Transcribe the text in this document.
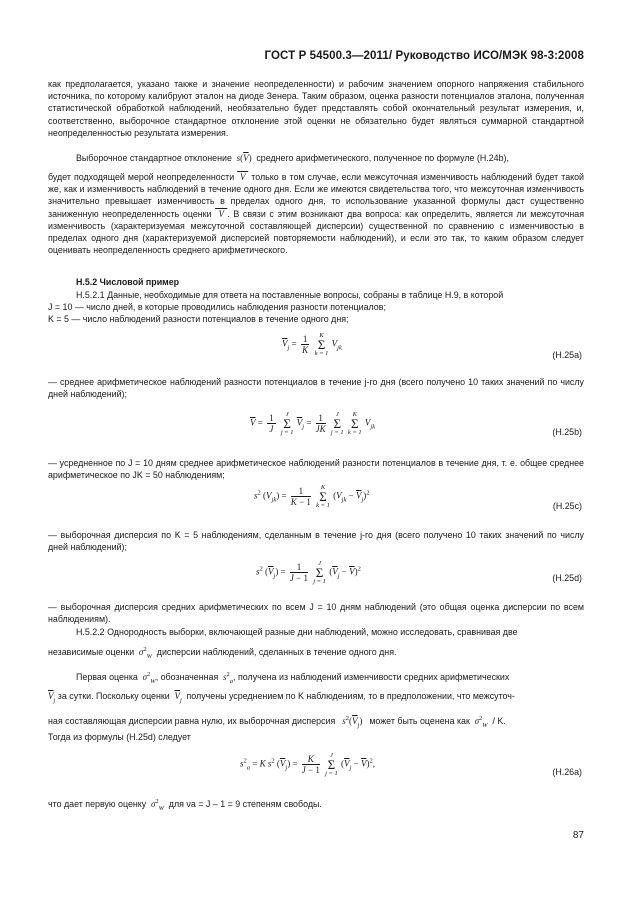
ГОСТ Р 54500.3—2011/ Руководство ИСО/МЭК 98-3:2008
как предполагается, указано также и значение неопределенности) и рабочим значением опорного напряжения стабильного источника, по которому калибруют эталон на диоде Зенера. Таким образом, оценка разности потенциалов эталона, полученная статистической обработкой наблюдений, необязательно будет представлять собой окончательный результат измерения, и, соответственно, выборочное стандартное отклонение этой оценки не обязательно будет являться суммарной стандартной неопределенностью результата измерения.
Выборочное стандартное отклонение $s(\overline{V})$  среднего арифметического, полученное по формуле (Н.24b),
будет подходящей мерой неопределенности  V  только в том случае, если межсуточная изменчивость наблюдений будет такой же, как и изменчивость наблюдений в течение одного дня. Если же имеются свидетельства того, что межсуточная изменчивость значительно превышает изменчивость в пределах одного дня, то использование указанной формулы даст существенно заниженную неопределенность оценки  V . В связи с этим возникают два вопроса: как определить, является ли межсуточная изменчивость (характеризуемая межсуточной составляющей дисперсии) существенной по сравнению с изменчивостью в пределах одного дня (характеризуемой дисперсией повторяемости наблюдений), и если это так, то каким образом следует оценивать неопределенность среднего арифметического.
Н.5.2 Числовой пример
Н.5.2.1 Данные, необходимые для ответа на поставленные вопросы, собраны в таблице Н.9, в которой
J = 10 — число дней, в которые проводились наблюдения разности потенциалов;
K = 5 — число наблюдений разности потенциалов в течение одного дня;
$\overline{V}_j = \frac{1}{K}$
	K
Σ
k = 1
$V_{jk}$
(Н.25a)
— среднее арифметическое наблюдений разности потенциалов в течение j-го дня (всего получено 10 таких значений по числу дней наблюдений);
$\overline{V} = \frac{1}{J}$
	J
Σ
j = 1
$\overline{V}_j = \frac{1}{JK}$
	J
Σ
j = 1

K
Σ
k = 1
$V_{jk}$
(Н.25b)
— усредненное по J = 10 дням среднее арифметическое наблюдений разности потенциалов в течение дня, т. е. общее среднее арифметическое по JK = 50 наблюдениям;
$s^2$ $(V_{jk}) = \frac{1}{K - 1}$
	K
Σ
k = 1
$(V_{jk} - \overline{V}_j)^2$
(Н.25c)
— выборочная дисперсия по K = 5 наблюдениям, сделанным в течение j-го дня (всего получено 10 таких значений по числу дней наблюдений);
$s^2$ $(\overline{V}_j) = \frac{1}{J - 1}$
	J
Σ
j = 1
$(\overline{V}_j - \overline{V})^2$
(Н.25d)
— выборочная дисперсия средних арифметических по всем J = 10 дням наблюдений (это общая оценка дисперсии по всем наблюдениям).
Н.5.2.2 Однородность выборки, включающей разные дни наблюдений, можно исследовать, сравнивая две
независимые оценки $\sigma^2_W$ дисперсии наблюдений, сделанных в течение одного дня.
Первая оценка $\sigma^2_W$, обозначенная $s^2_a$, получена из наблюдений изменчивости средних арифметических
$\overline{V}_j$ за сутки. Поскольку оценки $\overline{V}_j$ получены усреднением по K наблюдениям, то в предположении, что межсуточ-
ная составляющая дисперсии равна нулю, их выборочная дисперсия $s^2(\overline{V}_j)$   может быть оценена как $\sigma^2_W$ / K.
Тогда из формулы (Н.25d) следует
$s^2_a = K$ $s^2$ $(\overline{V}_j) = \frac{K}{J - 1}$
	J
Σ
j = 1
$(\overline{V}_j - \overline{V})^2$,
(Н.26a)
что дает первую оценку $\sigma^2_W$ для νa = J – 1 = 9 степеням свободы.
87
